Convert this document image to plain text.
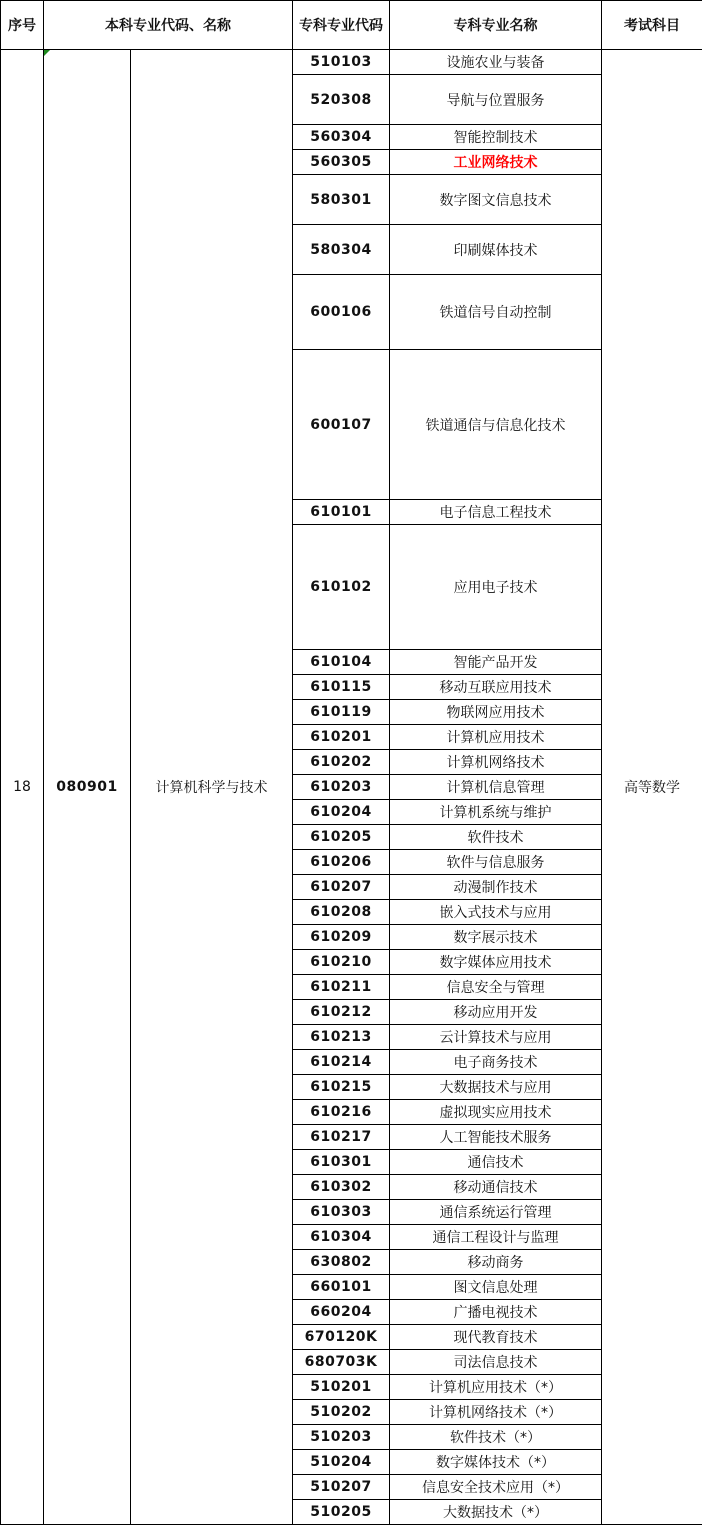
序号	本科专业代码、名称		专科专业代码	专科专业名称	考试科目
18	080901	计算机科学与技术	510103	设施农业与装备	高等数学
			520308	导航与位置服务	
			560304	智能控制技术	
			560305	工业网络技术	
			580301	数字图文信息技术	
			580304	印刷媒体技术	
			600106	铁道信号自动控制	
			600107	铁道通信与信息化技术	
			610101	电子信息工程技术	
			610102	应用电子技术	
			610104	智能产品开发	
			610115	移动互联应用技术	
			610119	物联网应用技术	
			610201	计算机应用技术	
			610202	计算机网络技术	
			610203	计算机信息管理	
			610204	计算机系统与维护	
			610205	软件技术	
			610206	软件与信息服务	
			610207	动漫制作技术	
			610208	嵌入式技术与应用	
			610209	数字展示技术	
			610210	数字媒体应用技术	
			610211	信息安全与管理	
			610212	移动应用开发	
			610213	云计算技术与应用	
			610214	电子商务技术	
			610215	大数据技术与应用	
			610216	虚拟现实应用技术	
			610217	人工智能技术服务	
			610301	通信技术	
			610302	移动通信技术	
			610303	通信系统运行管理	
			610304	通信工程设计与监理	
			630802	移动商务	
			660101	图文信息处理	
			660204	广播电视技术	
			670120K	现代教育技术	
			680703K	司法信息技术	
			510201	计算机应用技术（*）	
			510202	计算机网络技术（*）	
			510203	软件技术（*）	
			510204	数字媒体技术（*）	
			510207	信息安全技术应用（*）	
			510205	大数据技术（*）	
